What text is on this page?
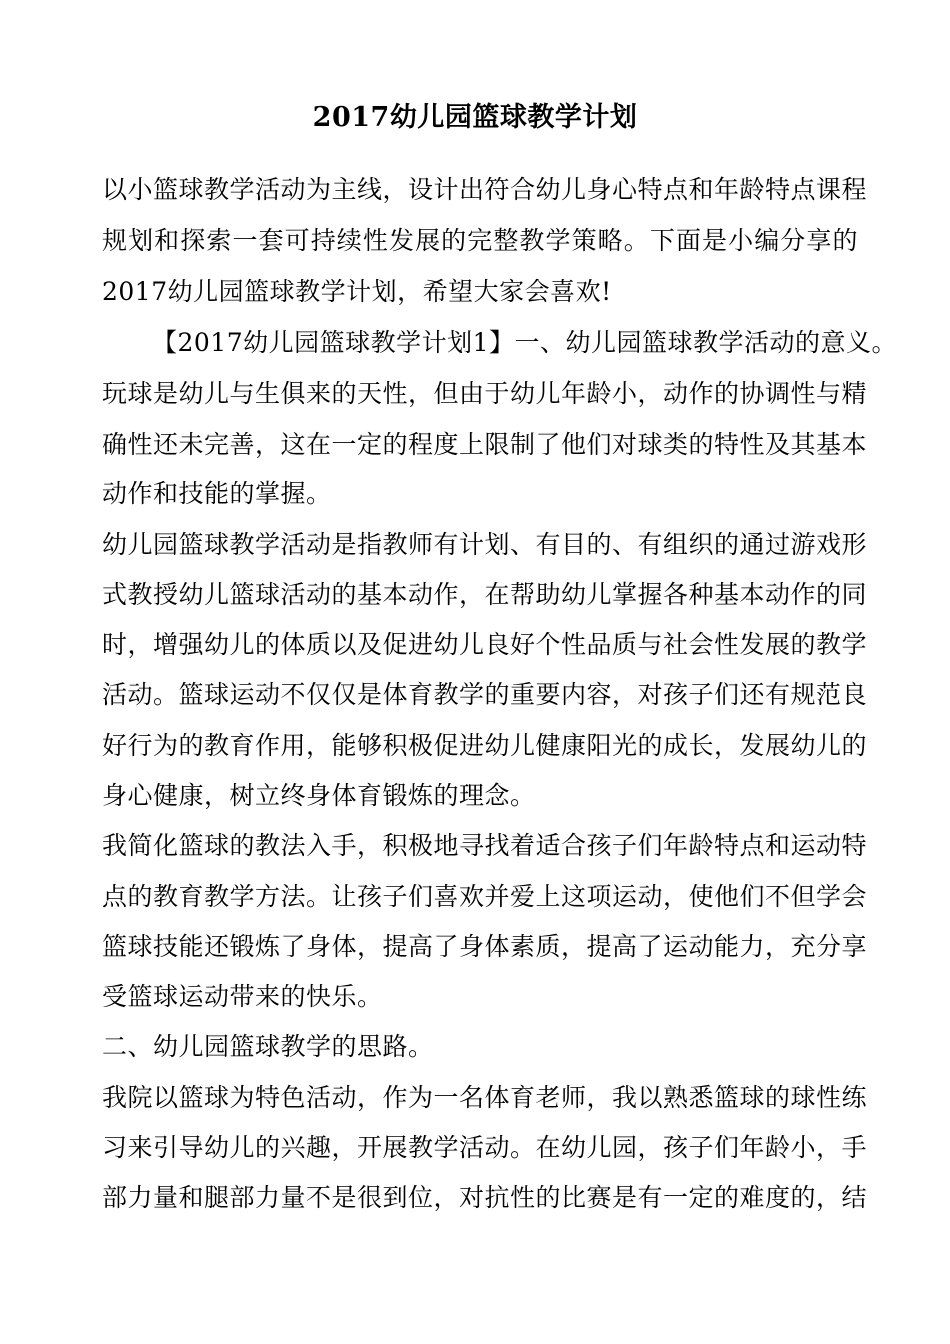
2017幼儿园篮球教学计划
以小篮球教学活动为主线，设计出符合幼儿身心特点和年龄特点课程
规划和探索一套可持续性发展的完整教学策略。下面是小编分享的
2017幼儿园篮球教学计划，希望大家会喜欢!
【2017幼儿园篮球教学计划1】一、幼儿园篮球教学活动的意义。
玩球是幼儿与生俱来的天性，但由于幼儿年龄小，动作的协调性与精
确性还未完善，这在一定的程度上限制了他们对球类的特性及其基本
动作和技能的掌握。
幼儿园篮球教学活动是指教师有计划、有目的、有组织的通过游戏形
式教授幼儿篮球活动的基本动作，在帮助幼儿掌握各种基本动作的同
时，增强幼儿的体质以及促进幼儿良好个性品质与社会性发展的教学
活动。篮球运动不仅仅是体育教学的重要内容，对孩子们还有规范良
好行为的教育作用，能够积极促进幼儿健康阳光的成长，发展幼儿的
身心健康，树立终身体育锻炼的理念。
我简化篮球的教法入手，积极地寻找着适合孩子们年龄特点和运动特
点的教育教学方法。让孩子们喜欢并爱上这项运动，使他们不但学会
篮球技能还锻炼了身体，提高了身体素质，提高了运动能力，充分享
受篮球运动带来的快乐。
二、幼儿园篮球教学的思路。
我院以篮球为特色活动，作为一名体育老师，我以熟悉篮球的球性练
习来引导幼儿的兴趣，开展教学活动。在幼儿园，孩子们年龄小，手
部力量和腿部力量不是很到位，对抗性的比赛是有一定的难度的，结
